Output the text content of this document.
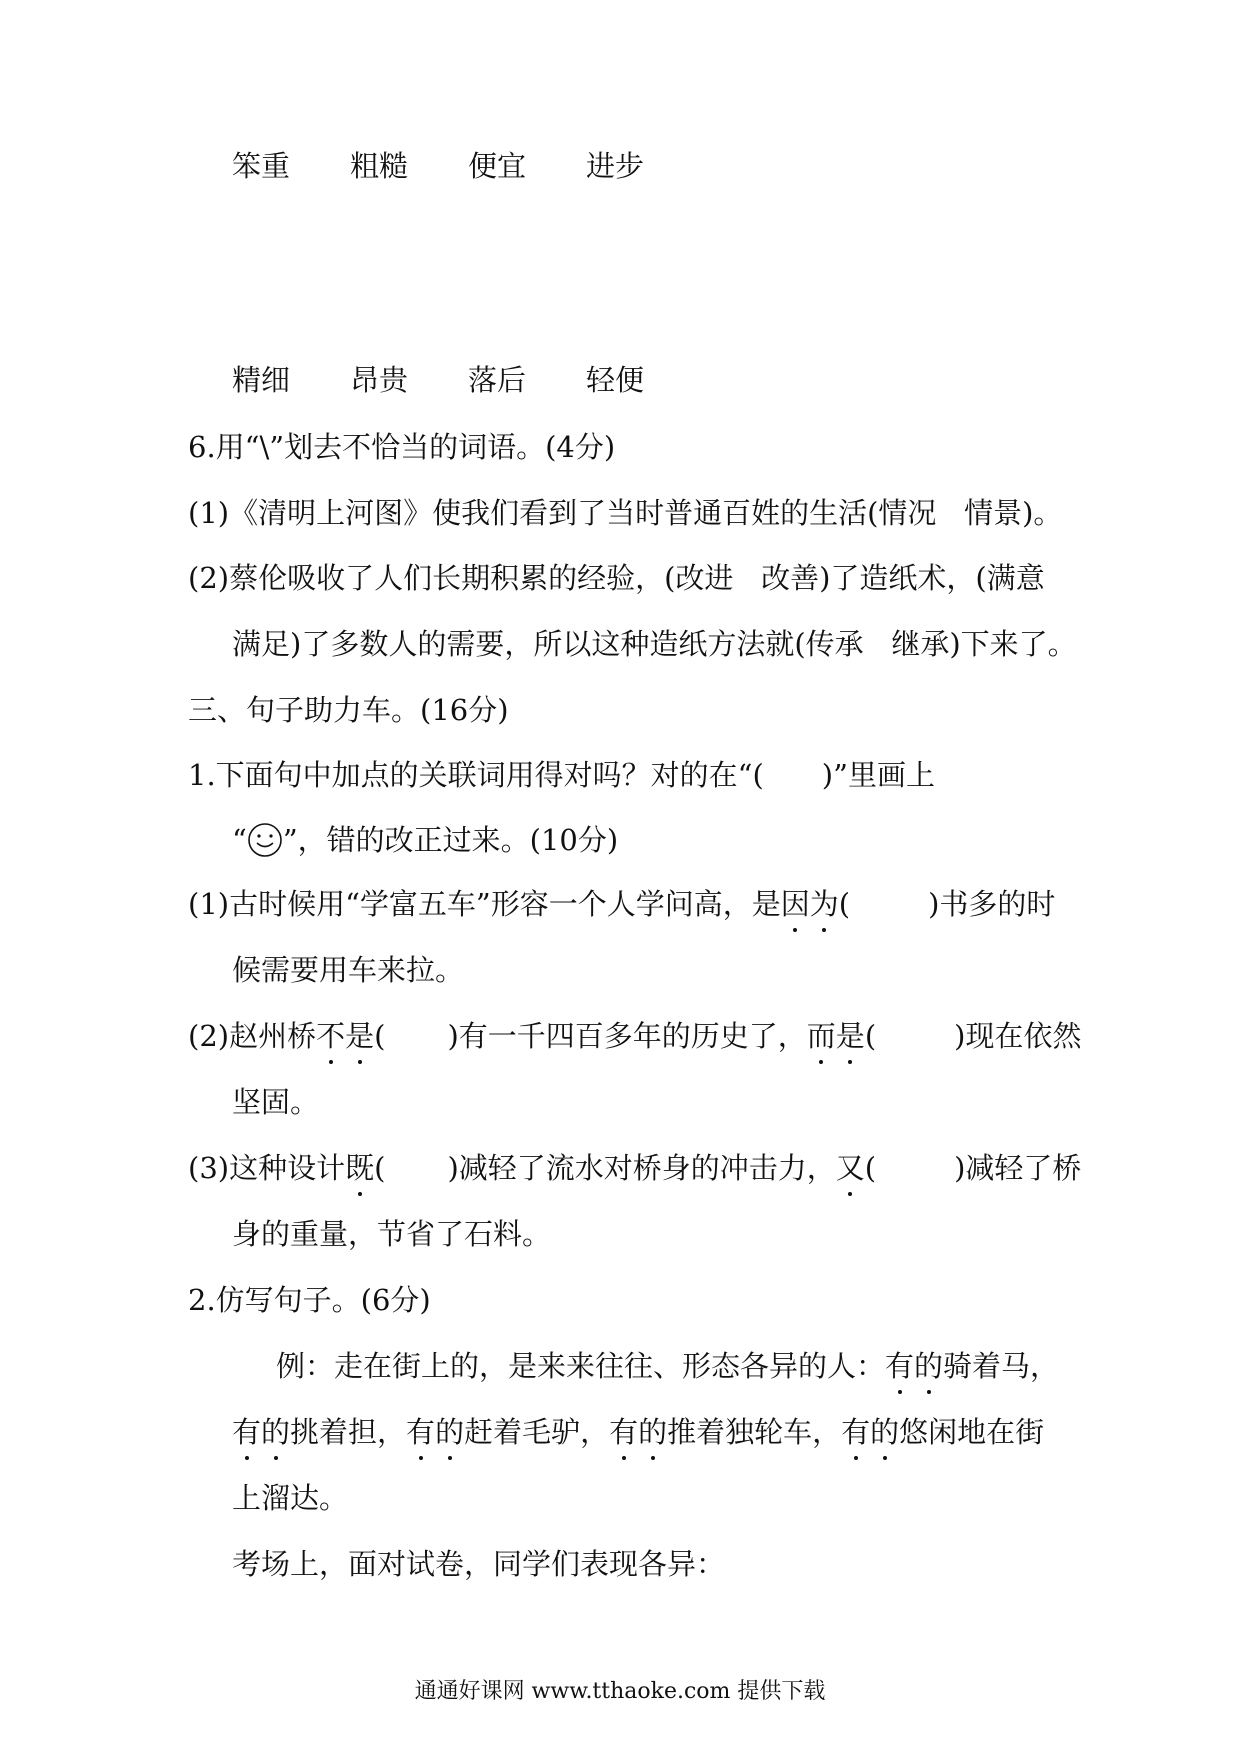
笨重 粗糙 便宜 进步
精细 昂贵 落后 轻便
6.用“\”划去不恰当的词语。(4分)
(1)《清明上河图》使我们看到了当时普通百姓的生活(情况 情景)。
(2)蔡伦吸收了人们长期积累的经验，(改进 改善)了造纸术，(满意
满足)了多数人的需要，所以这种造纸方法就(传承 继承)下来了。
三、句子助力车。(16分)
1.下面句中加点的关联词用得对吗？对的在“(　　)”里画上
“ ”，错的改正过来。(10分)
(1)古时候用“学富五车”形容一个人学问高，是因为(	)书多的时
候需要用车来拉。
(2)赵州桥不是( )有一千四百多年的历史了，而是(	)现在依然
坚固。
(3)这种设计既( )减轻了流水对桥身的冲击力，又(	)减轻了桥
身的重量，节省了石料。
2.仿写句子。(6分)
例：走在街上的，是来来往往、形态各异的人：有的骑着马，
有的挑着担，有的赶着毛驴，有的推着独轮车，有的悠闲地在街
上溜达。
考场上，面对试卷，同学们表现各异：
通通好课网 www.tthaoke.com 提供下载
